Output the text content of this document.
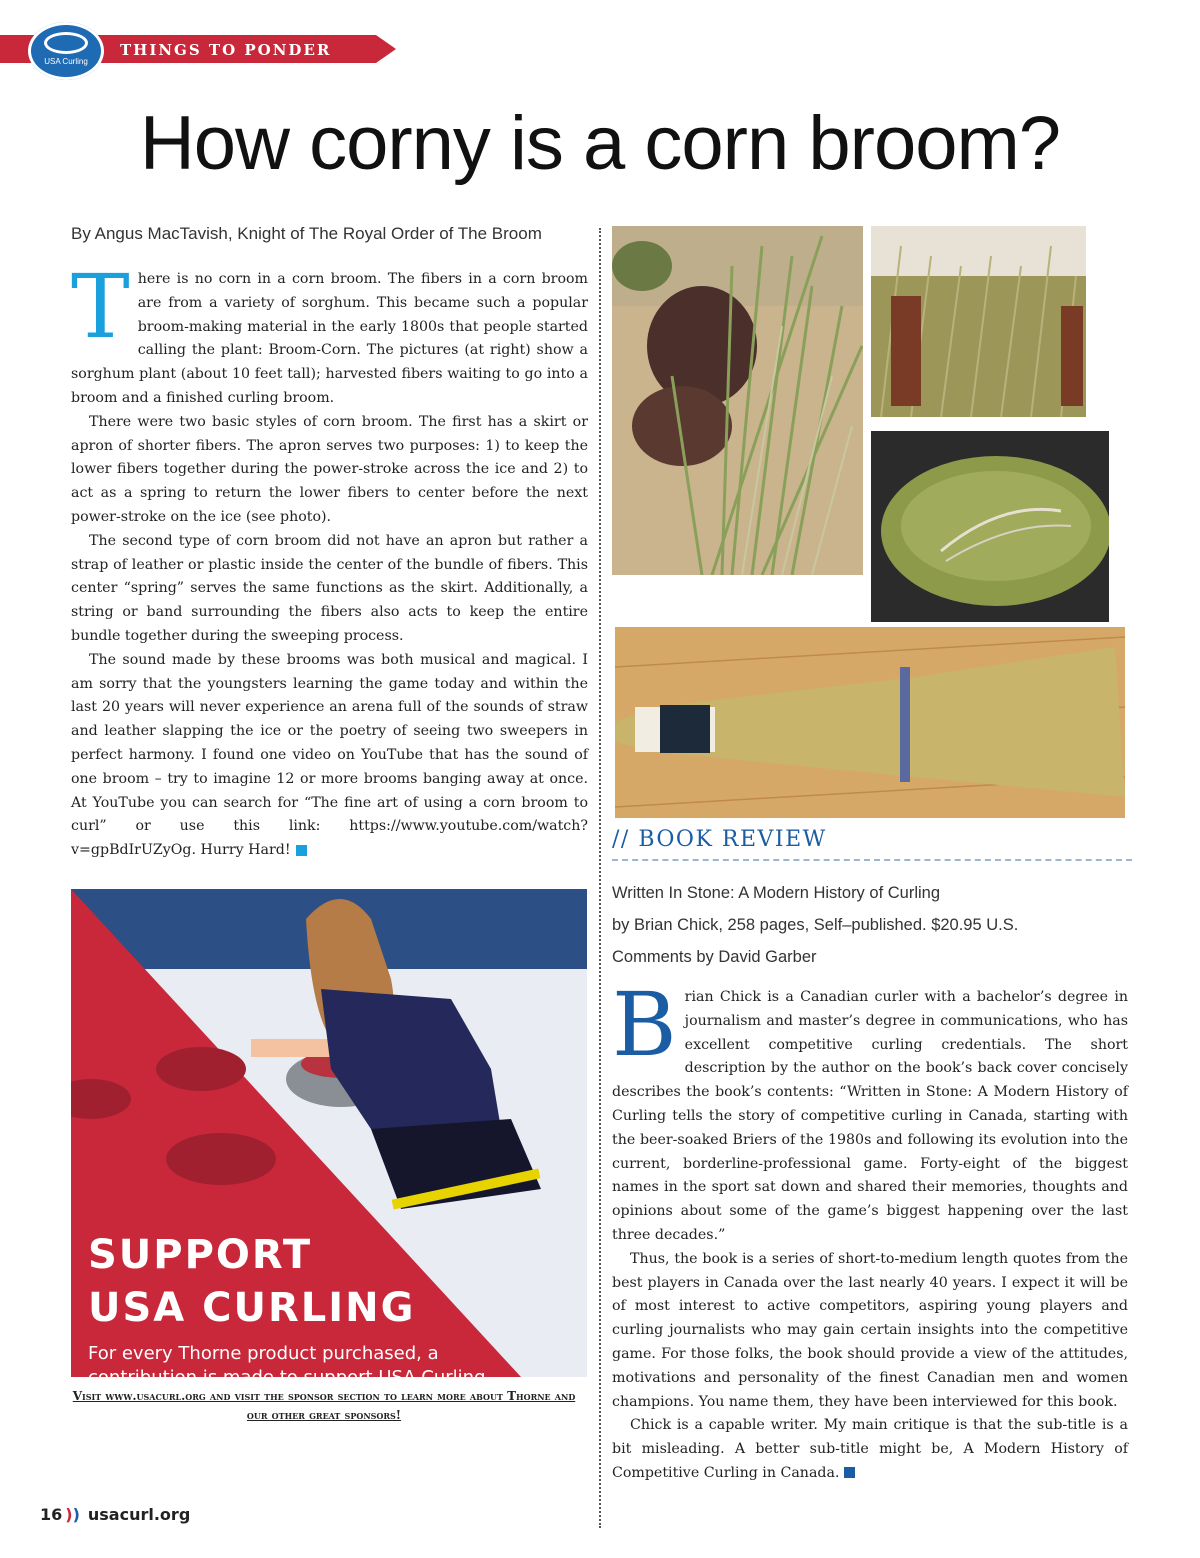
THINGS TO PONDER
USA Curling
How corny is a corn broom?
By Angus MacTavish, Knight of The Royal Order of The Broom

There is no corn in a corn broom. The fibers in a corn broom are from a variety of sorghum. This became such a popular broom-making material in the early 1800s that people started calling the plant: Broom-Corn. The pictures (at right) show a sorghum plant (about 10 feet tall); harvested fibers waiting to go into a broom and a finished curling broom.

There were two basic styles of corn broom. The first has a skirt or apron of shorter fibers. The apron serves two purposes: 1) to keep the lower fibers together during the power-stroke across the ice and 2) to act as a spring to return the lower fibers to center before the next power-stroke on the ice (see photo).

The second type of corn broom did not have an apron but rather a strap of leather or plastic inside the center of the bundle of fibers. This center “spring” serves the same functions as the skirt. Additionally, a string or band surrounding the fibers also acts to keep the entire bundle together during the sweeping process.

The sound made by these brooms was both musical and magical. I am sorry that the youngsters learning the game today and within the last 20 years will never experience an arena full of the sounds of straw and leather slapping the ice or the poetry of seeing two sweepers in perfect harmony. I found one video on YouTube that has the sound of one broom – try to imagine 12 or more brooms banging away at once. At YouTube you can search for “The fine art of using a corn broom to curl” or use this link: https://www.youtube.com/watch?v=gpBdIrUZyOg. Hurry Hard!

SUPPORT
USA CURLING
For every Thorne product purchased, a contribution is made to support USA Curling.
Visit www.usacurl.org and visit the sponsor section to learn more about Thorne and our other great sponsors!
// BOOK REVIEW
Written In Stone: A Modern History of Curling
by Brian Chick, 258 pages, Self–published. $20.95 U.S.
Comments by David Garber

Brian Chick is a Canadian curler with a bachelor’s degree in journalism and master’s degree in communications, who has excellent competitive curling credentials. The short description by the author on the book’s back cover concisely describes the book’s contents: “Written in Stone: A Modern History of Curling tells the story of competitive curling in Canada, starting with the beer-soaked Briers of the 1980s and following its evolution into the current, borderline-professional game. Forty-eight of the biggest names in the sport sat down and shared their memories, thoughts and opinions about some of the game’s biggest happening over the last three decades.”

Thus, the book is a series of short-to-medium length quotes from the best players in Canada over the last nearly 40 years. I expect it will be of most interest to active competitors, aspiring young players and curling journalists who may gain certain insights into the competitive game. For those folks, the book should provide a view of the attitudes, motivations and personality of the finest Canadian men and women champions. You name them, they have been interviewed for this book.

Chick is a capable writer. My main critique is that the sub-title is a bit misleading. A better sub-title might be, A Modern History of Competitive Curling in Canada.

16 )) usacurl.org
